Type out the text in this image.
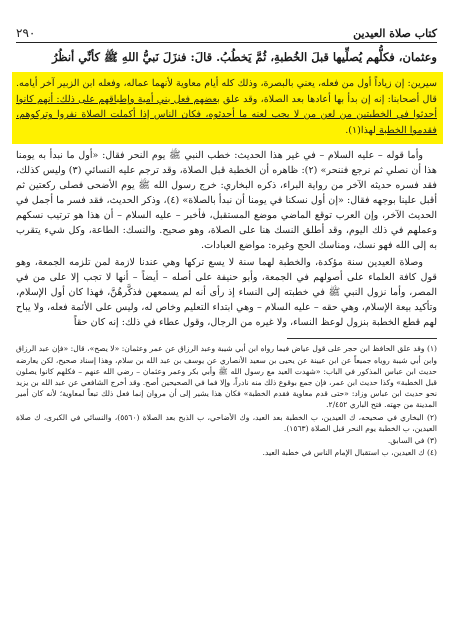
كتاب صلاة العيدين
٢٩٠
وعثمان، فكلُّهم يُصلِّيها قبلَ الخُطبةِ، ثُمَّ يَخطُبُ. قالَ: فنزَلَ نَبيُّ اللهِ ﷺ كأنِّي أنظُرُ
سيرين: إن زياداً أول من فعله، يعني بالبصرة، وذلك كله أيام معاوية لأنهما عماله، وفعله ابن الزبير آخر أيامه. قال أصحابنا: إنه إن بدأ بها أعادها بعد الصلاة، وقد علق بعضهم فعل بني أمية وإطباقهم على ذلك: أنهم كانوا أحدثوا في الخطبتين من لعن من لا يجب لعنه ما أحدثوه، فكان الناس إذا أكملت الصلاة نفروا وتركوهم، فقدموا الخطبة لهذا(١).

وأما قوله – عليه السلام – في غير هذا الحديث: خطب النبي ﷺ يوم النحر فقال: «أول ما نبدأ به يومنا هذا أن نصلي ثم نرجع فننحر» (٢): ظاهره أن الخطبة قبل الصلاة، وقد ترجم عليه النسائي (٣) وليس كذلك، فقد فسره حديثه الآخر من رواية البراء، ذكره البخاري: خرج رسول الله ﷺ يوم الأضحى فصلى ركعتين ثم أقبل علينا بوجهه فقال: «إن أول نسكنا في يومنا أن نبدأ بالصلاة» (٤)، وذكر الحديث، فقد فسر ما أجمل في الحديث الآخر، وإن العرب توقع الماضي موضع المستقبل، فأخبر – عليه السلام – أن هذا هو ترتيب نسكهم وعملهم في ذلك اليوم، وقد أطلق النسك هنا على الصلاة، وهو صحيح. والنسك: الطاعة، وكل شيء يتقرب به إلى الله فهو نسك، ومناسك الحج وغيره: مواضع العبادات.

وصلاة العيدين سنة مؤكدة، والخطبة لهما سنة لا يسع تركها وهي عندنا لازمة لمن تلزمه الجمعة، وهو قول كافة العلماء على أصولهم في الجمعة، وأبو حنيفة على أصله – أيضاً – أنها لا تجب إلا على من في المصر، وأما نزول النبي ﷺ في خطبته إلى النساء إذ رأى أنه لم يسمعهن فذكَّرهُنَّ، فهذا كان أول الإسلام، وتأكيد بيعة الإسلام، وهي حقه – عليه السلام – وهي ابتداء التعليم وخاص له، وليس على الأئمة فعله، ولا يباح لهم قطع الخطبة بنزول لوعظ النساء، ولا غيره من الرجال، وقول عطاء في ذلك: إنه كان حقاً

(١) وقد علق الحافظ ابن حجر على قول عياض فيما رواه ابن أبي شيبة وعبد الرزاق عن عمر وعثمان: «لا يصح»، قال: «فإن عبد الرزاق وابن أبي شيبة روياه جميعاً عن ابن عيينة عن يحيى بن سعيد الأنصاري عن يوسف بن عبد الله بن سلام، وهذا إسناد صحيح، لكن يعارضه حديث ابن عباس المذكور في الباب: «شهدت العيد مع رسول الله ﷺ وأبي بكر وعمر وعثمان – رضي الله عنهم – فكلهم كانوا يصلون قبل الخطبة» وكذا حديث ابن عمر، فإن جمع بوقوع ذلك منه نادراً، وإلا فما في الصحيحين أصح. وقد أخرج الشافعي عن عبد الله بن يزيد نحو حديث ابن عباس وزاد: «حتى قدم معاوية فقدم الخطبة» فكان هذا يشير إلى أن مروان إنما فعل ذلك تبعاً لمعاوية؛ لأنه كان أمير المدينة من جهته. فتح الباري ٢/٤٥٢.

(٢) البخاري في صحيحه، ك العيدين، ب الخطبة بعد العيد، وك الأضاحي، ب الذبح بعد الصلاة (٥٥٦٠)، والنسائي في الكبرى، ك صلاة العيدين، ب الخطبة يوم النحر قبل الصلاة (١٥٦٣).

(٣) في السابق.

(٤) ك العيدين، ب استقبال الإمام الناس في خطبة العيد.
